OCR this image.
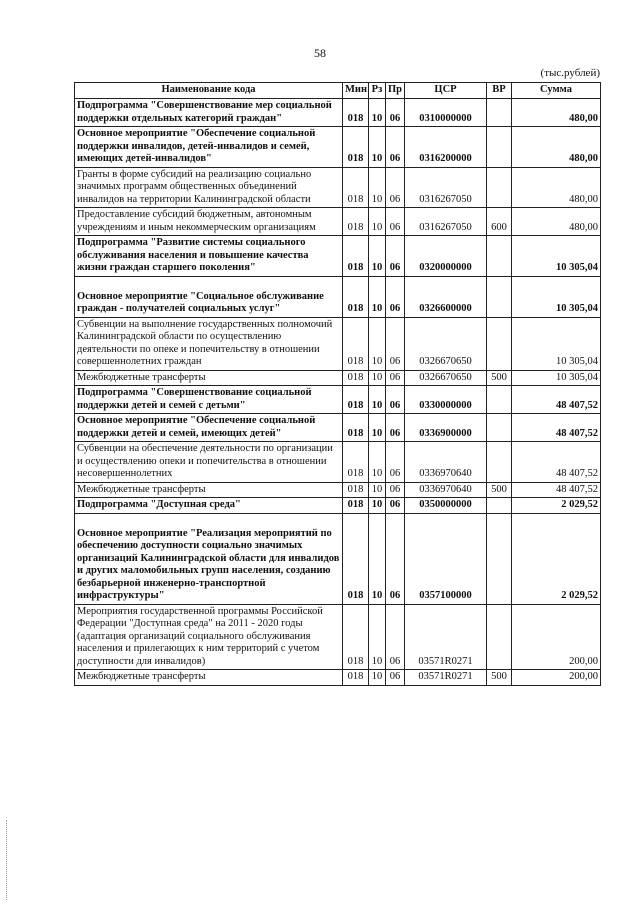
58
(тыс.рублей)
Наименование кода	Мин	Рз	Пр	ЦСР	ВР	Сумма
Подпрограмма "Совершенствование мер социальной поддержки отдельных категорий граждан"	018	10	06	0310000000		480,00
Основное мероприятие "Обеспечение социальной поддержки инвалидов, детей-инвалидов и семей, имеющих детей-инвалидов"	018	10	06	0316200000		480,00
Гранты в форме субсидий на реализацию социально значимых программ общественных объединений инвалидов на территории Калининградской области	018	10	06	0316267050		480,00
Предоставление субсидий бюджетным, автономным учреждениям и иным некоммерческим организациям	018	10	06	0316267050	600	480,00
Подпрограмма "Развитие системы социального обслуживания населения и повышение качества жизни граждан старшего поколения"	018	10	06	0320000000		10 305,04
Основное мероприятие "Социальное обслуживание граждан - получателей социальных услуг"	018	10	06	0326600000		10 305,04
Субвенции на выполнение государственных полномочий Калининградской области по осуществлению деятельности по опеке и попечительству в отношении совершеннолетних граждан	018	10	06	0326670650		10 305,04
Межбюджетные трансферты	018	10	06	0326670650	500	10 305,04
Подпрограмма "Совершенствование социальной поддержки детей и семей с детьми"	018	10	06	0330000000		48 407,52
Основное мероприятие "Обеспечение социальной поддержки детей и семей, имеющих детей"	018	10	06	0336900000		48 407,52
Субвенции на обеспечение деятельности по организации и осуществлению опеки и попечительства в отношении несовершеннолетних	018	10	06	0336970640		48 407,52
Межбюджетные трансферты	018	10	06	0336970640	500	48 407,52
Подпрограмма "Доступная среда"	018	10	06	0350000000		2 029,52
Основное мероприятие "Реализация мероприятий по обеспечению доступности социально значимых организаций Калининградской области для инвалидов и других маломобильных групп населения, созданию безбарьерной инженерно-транспортной инфраструктуры"	018	10	06	0357100000		2 029,52
Мероприятия государственной программы Российской Федерации "Доступная среда" на 2011 - 2020 годы (адаптация организаций социального обслуживания населения и прилегающих к ним территорий с учетом доступности для инвалидов)	018	10	06	03571R0271		200,00
Межбюджетные трансферты	018	10	06	03571R0271	500	200,00
